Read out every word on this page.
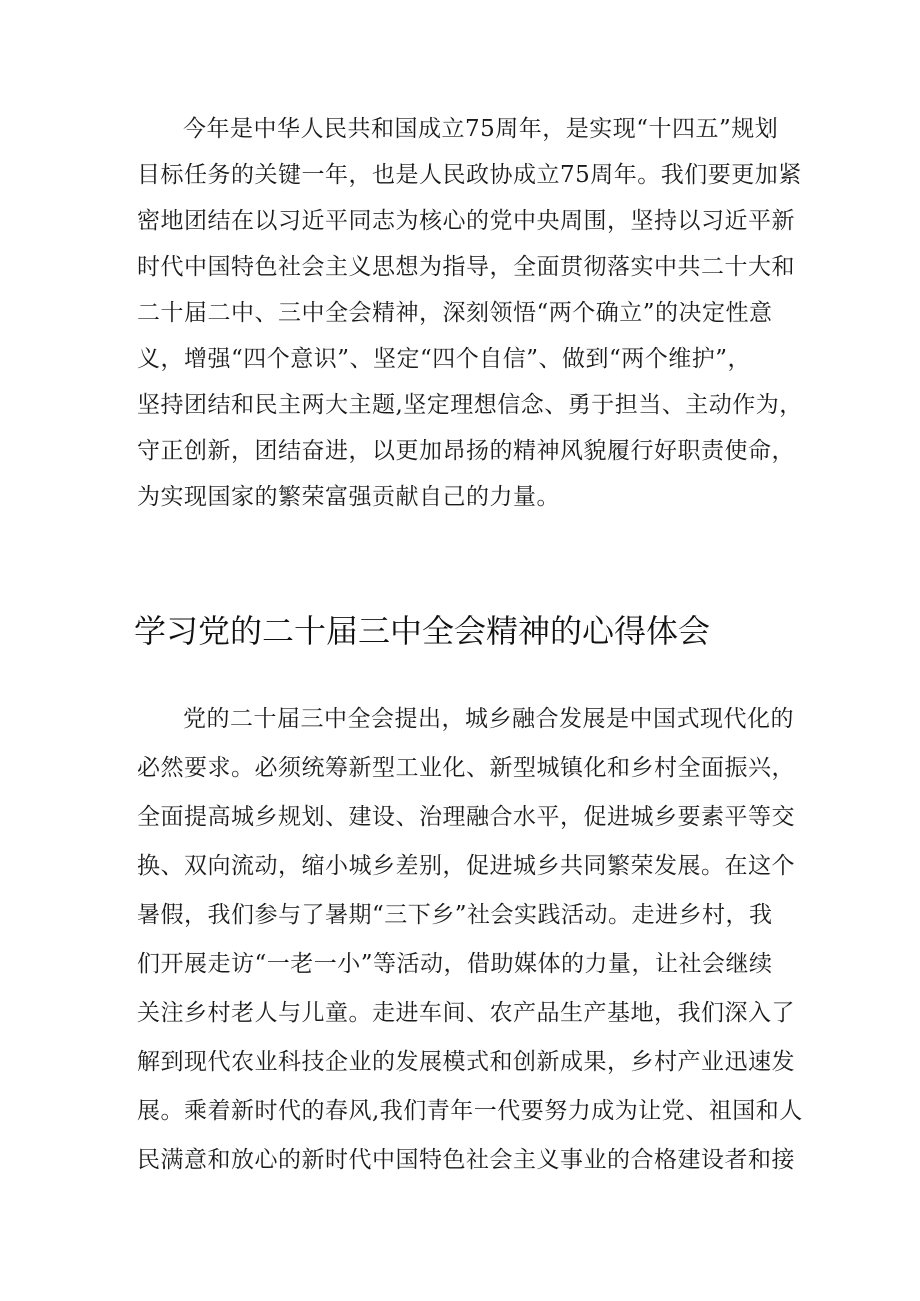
今年是中华人民共和国成立75周年，是实现“十四五”规划
目标任务的关键一年，也是人民政协成立75周年。我们要更加紧
密地团结在以习近平同志为核心的党中央周围，坚持以习近平新
时代中国特色社会主义思想为指导，全面贯彻落实中共二十大和
二十届二中、三中全会精神，深刻领悟“两个确立”的决定性意
义，增强“四个意识”、坚定“四个自信”、做到“两个维护”，
坚持团结和民主两大主题,坚定理想信念、勇于担当、主动作为，
守正创新，团结奋进，以更加昂扬的精神风貌履行好职责使命，
为实现国家的繁荣富强贡献自己的力量。
学习党的二十届三中全会精神的心得体会
党的二十届三中全会提出，城乡融合发展是中国式现代化的
必然要求。必须统筹新型工业化、新型城镇化和乡村全面振兴，
全面提高城乡规划、建设、治理融合水平，促进城乡要素平等交
换、双向流动，缩小城乡差别，促进城乡共同繁荣发展。在这个
暑假，我们参与了暑期“三下乡”社会实践活动。走进乡村，我
们开展走访“一老一小”等活动，借助媒体的力量，让社会继续
关注乡村老人与儿童。走进车间、农产品生产基地，我们深入了
解到现代农业科技企业的发展模式和创新成果，乡村产业迅速发
展。乘着新时代的春风,我们青年一代要努力成为让党、祖国和人
民满意和放心的新时代中国特色社会主义事业的合格建设者和接
